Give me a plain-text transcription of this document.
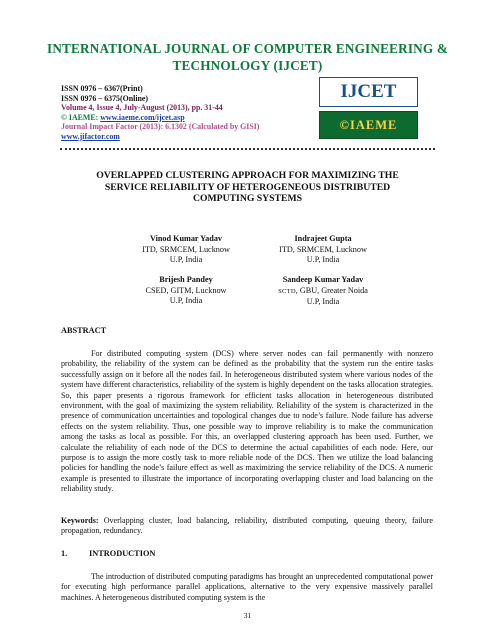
INTERNATIONAL JOURNAL OF COMPUTER ENGINEERING &
TECHNOLOGY (IJCET)
ISSN 0976 – 6367(Print)
ISSN 0976 – 6375(Online)
Volume 4, Issue 4, July-August (2013), pp. 31-44
© IAEME: www.iaeme.com/ijcet.asp
Journal Impact Factor (2013): 6.1302 (Calculated by GISI)
www.jifactor.com
IJCET
©IAEME
OVERLAPPED CLUSTERING APPROACH FOR MAXIMIZING THE
SERVICE RELIABILITY OF HETEROGENEOUS DISTRIBUTED
COMPUTING SYSTEMS
Vinod Kumar Yadav
ITD, SRMCEM, Lucknow
U.P, India
Indrajeet Gupta
ITD, SRMCEM, Lucknow
U.P, India
Brijesh Pandey
CSED, GITM, Lucknow
U.P, India
Sandeep Kumar Yadav
SCTD, GBU, Greater Noida
U.P, India
ABSTRACT

For distributed computing system (DCS) where server nodes can fail permanently with nonzero probability, the reliability of the system can be defined as the probability that the system run the entire tasks successfully assign on it before all the nodes fail. In heterogeneous distributed system where various nodes of the system have different characteristics, reliability of the system is highly dependent on the tasks allocation strategies. So, this paper presents a rigorous framework for efficient tasks allocation in heterogeneous distributed environment, with the goal of maximizing the system reliability. Reliability of the system is characterized in the presence of communication uncertainties and topological changes due to node’s failure. Node failure has adverse effects on the system reliability. Thus, one possible way to improve reliability is to make the communication among the tasks as local as possible. For this, an overlapped clustering approach has been used. Further, we calculate the reliability of each node of the DCS to determine the actual capabilities of each node. Here, our purpose is to assign the more costly task to more reliable node of the DCS. Then we utilize the load balancing policies for handling the node’s failure effect as well as maximizing the service reliability of the DCS. A numeric example is presented to illustrate the importance of incorporating overlapping cluster and load balancing on the reliability study.

Keywords: Overlapping cluster, load balancing, reliability, distributed computing, queuing theory, failure propagation, redundancy.
1.	INTRODUCTION

The introduction of distributed computing paradigms has brought an unprecedented computational power for executing high performance parallel applications, alternative to the very expensive massively parallel machines. A heterogeneous distributed computing system is the

31
